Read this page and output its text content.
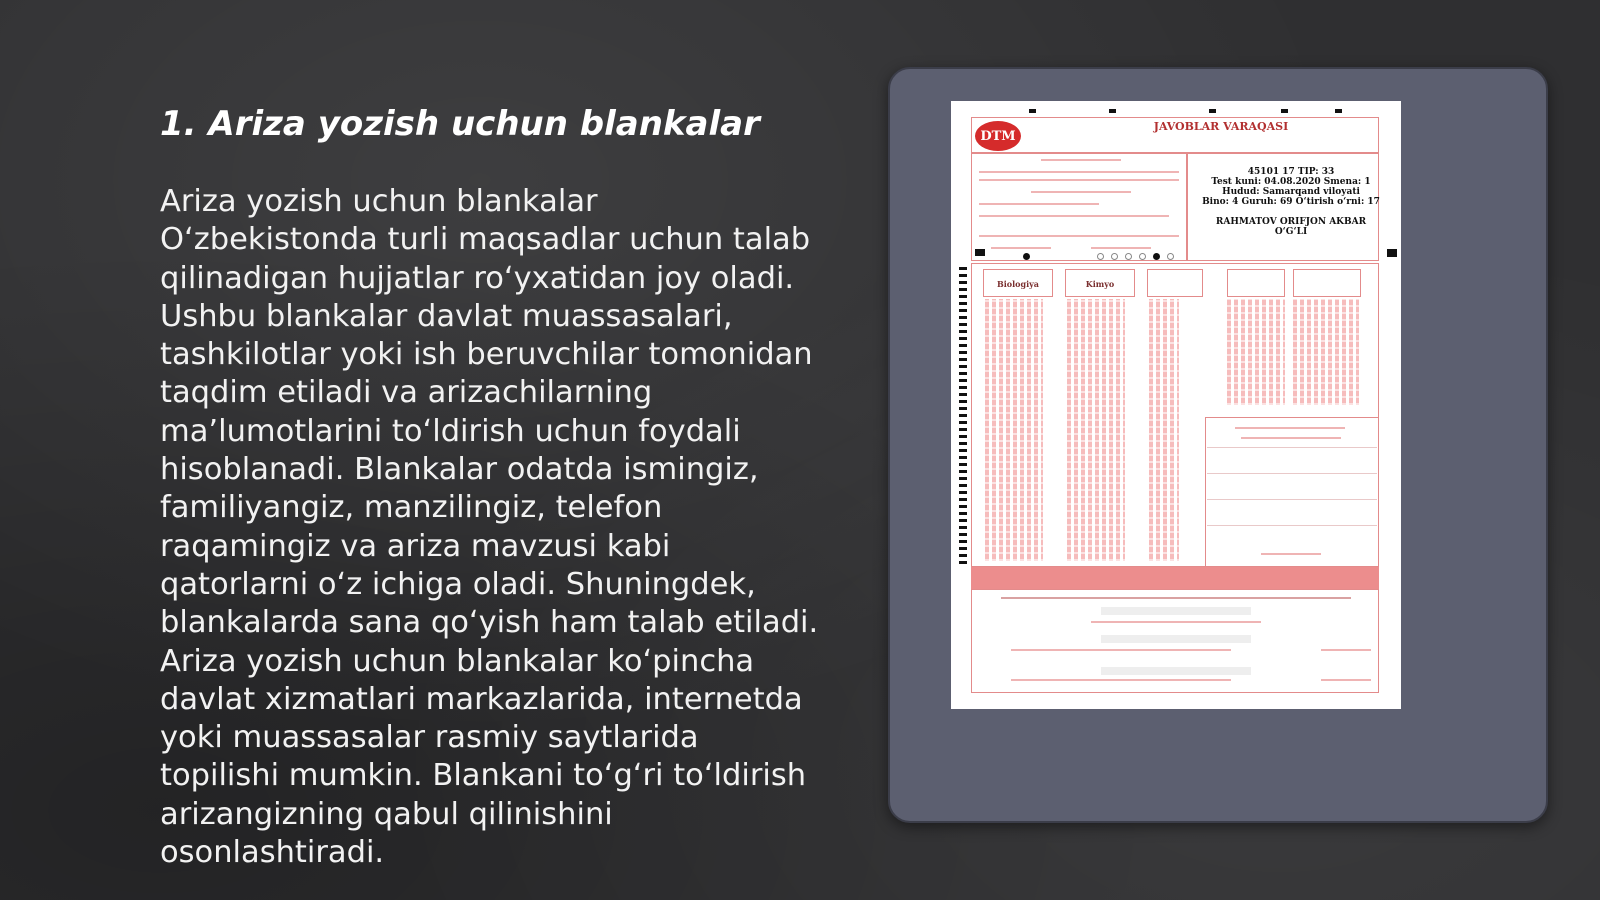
1. Ariza yozish uchun blankalar

Ariza yozish uchun blankalar O‘zbekistonda turli maqsadlar uchun talab qilinadigan hujjatlar ro‘yxatidan joy oladi. Ushbu blankalar davlat muassasalari, tashkilotlar yoki ish beruvchilar tomonidan taqdim etiladi va arizachilarning ma’lumotlarini to‘ldirish uchun foydali hisoblanadi. Blankalar odatda ismingiz, familiyangiz, manzilingiz, telefon raqamingiz va ariza mavzusi kabi qatorlarni o‘z ichiga oladi. Shuningdek, blankalarda sana qo‘yish ham talab etiladi. Ariza yozish uchun blankalar ko‘pincha davlat xizmatlari markazlarida, internetda yoki muassasalar rasmiy saytlarida topilishi mumkin. Blankani to‘g‘ri to‘ldirish arizangizning qabul qilinishini osonlashtiradi.

DTM
JAVOBLAR VARAQASI
45101 17 TIP: 33
Test kuni: 04.08.2020 Smena: 1
Hudud: Samarqand viloyati
Bino: 4 Guruh: 69 O‘tirish o‘rni: 17
RAHMATOV ORIFJON AKBAR
O‘G‘LI
Biologiya	Kimyo
